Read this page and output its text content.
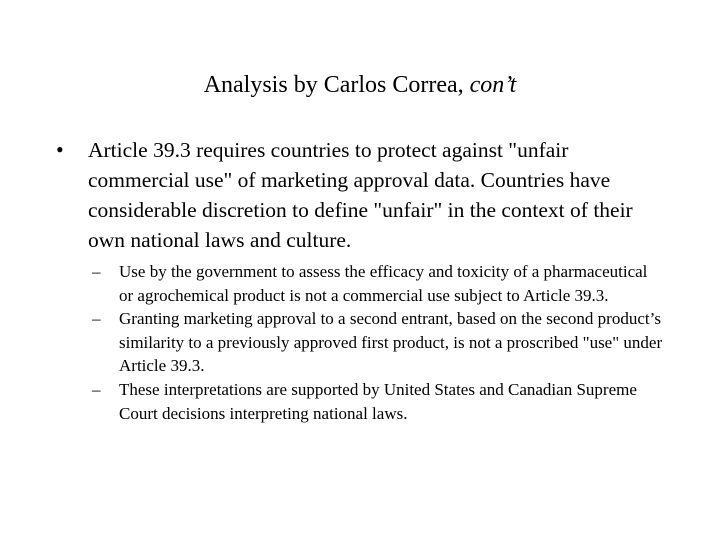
Analysis by Carlos Correa, con’t
• Article 39.3 requires countries to protect against "unfair commercial use" of marketing approval data. Countries have considerable discretion to define "unfair" in the context of their own national laws and culture.
– Use by the government to assess the efficacy and toxicity of a pharmaceutical or agrochemical product is not a commercial use subject to Article 39.3.
– Granting marketing approval to a second entrant, based on the second product’s similarity to a previously approved first product, is not a proscribed "use" under Article 39.3.
– These interpretations are supported by United States and Canadian Supreme Court decisions interpreting national laws.
